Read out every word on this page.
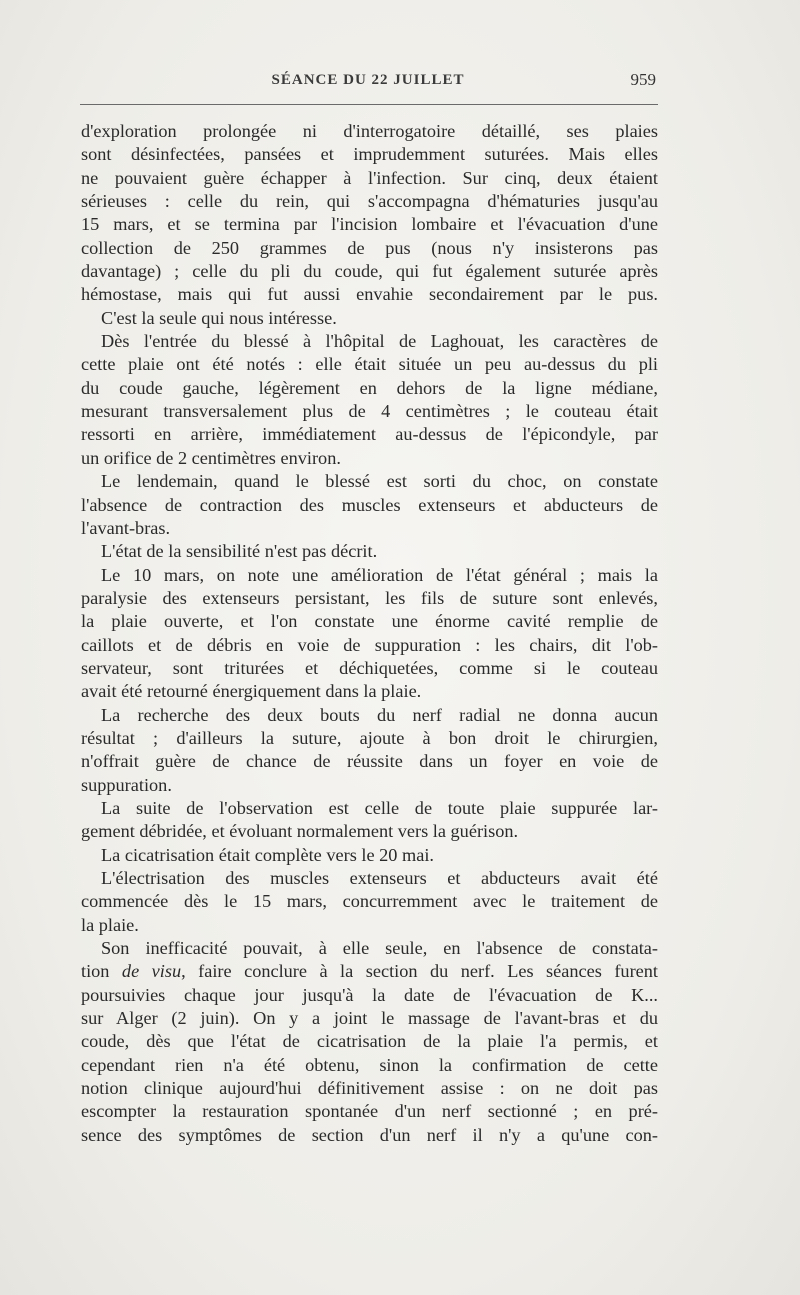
SÉANCE DU 22 JUILLET	959

d'exploration prolongée ni d'interrogatoire détaillé, ses plaies
sont désinfectées, pansées et imprudemment suturées. Mais elles
ne pouvaient guère échapper à l'infection. Sur cinq, deux étaient
sérieuses : celle du rein, qui s'accompagna d'hématuries jusqu'au
15 mars, et se termina par l'incision lombaire et l'évacuation d'une
collection de 250 grammes de pus (nous n'y insisterons pas
davantage) ; celle du pli du coude, qui fut également suturée après
hémostase, mais qui fut aussi envahie secondairement par le pus.

C'est la seule qui nous intéresse.

Dès l'entrée du blessé à l'hôpital de Laghouat, les caractères de
cette plaie ont été notés : elle était située un peu au-dessus du pli
du coude gauche, légèrement en dehors de la ligne médiane,
mesurant transversalement plus de 4 centimètres ; le couteau était
ressorti en arrière, immédiatement au-dessus de l'épicondyle, par
un orifice de 2 centimètres environ.

Le lendemain, quand le blessé est sorti du choc, on constate
l'absence de contraction des muscles extenseurs et abducteurs de
l'avant-bras.

L'état de la sensibilité n'est pas décrit.

Le 10 mars, on note une amélioration de l'état général ; mais la
paralysie des extenseurs persistant, les fils de suture sont enlevés,
la plaie ouverte, et l'on constate une énorme cavité remplie de
caillots et de débris en voie de suppuration : les chairs, dit l'ob-
servateur, sont triturées et déchiquetées, comme si le couteau
avait été retourné énergiquement dans la plaie.

La recherche des deux bouts du nerf radial ne donna aucun
résultat ; d'ailleurs la suture, ajoute à bon droit le chirurgien,
n'offrait guère de chance de réussite dans un foyer en voie de
suppuration.

La suite de l'observation est celle de toute plaie suppurée lar-
gement débridée, et évoluant normalement vers la guérison.

La cicatrisation était complète vers le 20 mai.

L'électrisation des muscles extenseurs et abducteurs avait été
commencée dès le 15 mars, concurremment avec le traitement de
la plaie.

Son inefficacité pouvait, à elle seule, en l'absence de constata-
tion de visu, faire conclure à la section du nerf. Les séances furent
poursuivies chaque jour jusqu'à la date de l'évacuation de K...
sur Alger (2 juin). On y a joint le massage de l'avant-bras et du
coude, dès que l'état de cicatrisation de la plaie l'a permis, et
cependant rien n'a été obtenu, sinon la confirmation de cette
notion clinique aujourd'hui définitivement assise : on ne doit pas
escompter la restauration spontanée d'un nerf sectionné ; en pré-
sence des symptômes de section d'un nerf il n'y a qu'une con-
